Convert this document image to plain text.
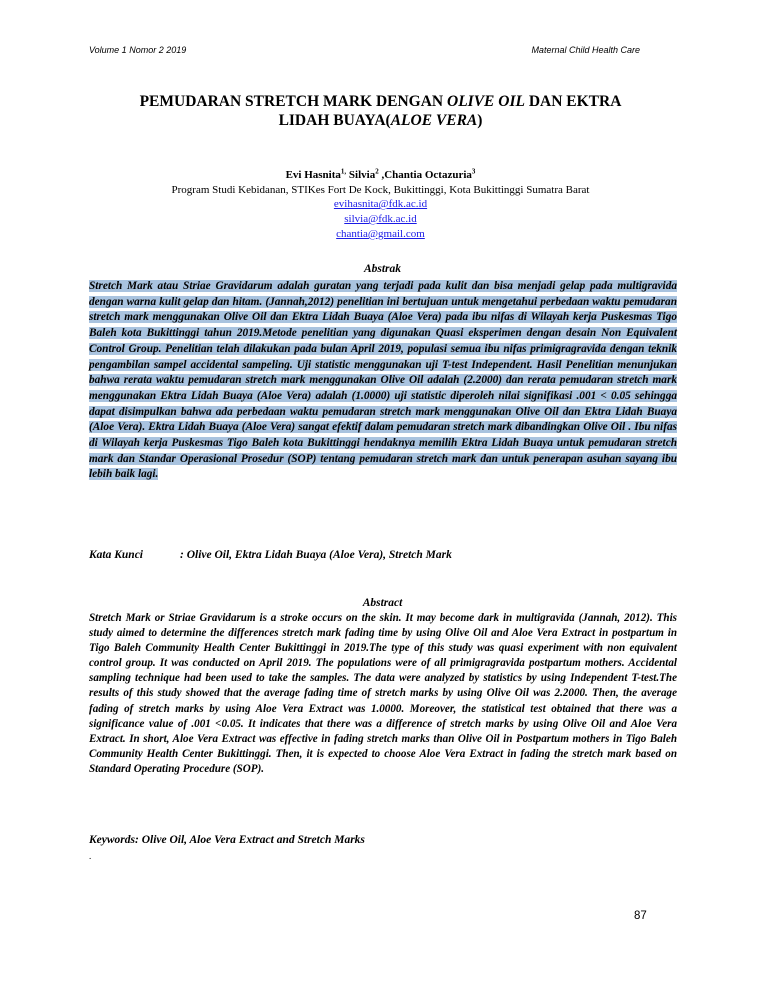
Volume 1 Nomor 2 2019	Maternal Child Health Care
PEMUDARAN STRETCH MARK DENGAN OLIVE OIL DAN EKTRA
LIDAH BUAYA(ALOE VERA)
Evi Hasnita$^{1,}$ Silvia$^2$ ,Chantia Octazuria$^3$
Program Studi Kebidanan, STIKes Fort De Kock, Bukittinggi, Kota Bukittinggi Sumatra Barat
evihasnita@fdk.ac.id
silvia@fdk.ac.id
chantia@gmail.com
Abstrak
Stretch Mark atau Striae Gravidarum adalah guratan yang terjadi pada kulit dan bisa menjadi gelap pada multigravida dengan warna kulit gelap dan hitam. (Jannah,2012) penelitian ini bertujuan untuk mengetahui perbedaan waktu pemudaran stretch mark menggunakan Olive Oil dan Ektra Lidah Buaya (Aloe Vera) pada ibu nifas di Wilayah kerja Puskesmas Tigo Baleh kota Bukittinggi tahun 2019.Metode penelitian yang digunakan Quasi eksperimen dengan desain Non Equivalent Control Group. Penelitian telah dilakukan pada bulan April 2019, populasi semua ibu nifas primigragravida dengan teknik pengambilan sampel accidental sampeling. Uji statistic menggunakan uji T-test Independent. Hasil Penelitian menunjukan bahwa rerata waktu pemudaran stretch mark menggunakan Olive Oil adalah (2.2000) dan rerata pemudaran stretch mark menggunakan Ektra Lidah Buaya (Aloe Vera) adalah (1.0000) uji statistic diperoleh nilai signifikasi .001 < 0.05 sehingga dapat disimpulkan bahwa ada perbedaan waktu pemudaran stretch mark menggunakan Olive Oil dan Ektra Lidah Buaya (Aloe Vera). Ektra Lidah Buaya (Aloe Vera) sangat efektif dalam pemudaran stretch mark dibandingkan Olive Oil . Ibu nifas di Wilayah kerja Puskesmas Tigo Baleh kota Bukittinggi hendaknya memilih Ektra Lidah Buaya untuk pemudaran stretch mark dan Standar Operasional Prosedur (SOP) tentang pemudaran stretch mark dan untuk penerapan asuhan sayang ibu lebih baik lagi.
Kata Kunci	: Olive Oil, Ektra Lidah Buaya (Aloe Vera), Stretch Mark
Abstract
Stretch Mark or Striae Gravidarum is a stroke occurs on the skin. It may become dark in multigravida (Jannah, 2012). This study aimed to determine the differences stretch mark fading time by using Olive Oil and Aloe Vera Extract in postpartum in Tigo Baleh Community Health Center Bukittinggi in 2019.The type of this study was quasi experiment with non equivalent control group. It was conducted on April 2019. The populations were of all primigragravida postpartum mothers. Accidental sampling technique had been used to take the samples. The data were analyzed by statistics by using Independent T-test.The results of this study showed that the average fading time of stretch marks by using Olive Oil was 2.2000. Then, the average fading of stretch marks by using Aloe Vera Extract was 1.0000. Moreover, the statistical test obtained that there was a significance value of .001 <0.05. It indicates that there was a difference of stretch marks by using Olive Oil and Aloe Vera Extract. In short, Aloe Vera Extract was effective in fading stretch marks than Olive Oil in Postpartum mothers in Tigo Baleh Community Health Center Bukittinggi. Then, it is expected to choose Aloe Vera Extract in fading the stretch mark based on Standard Operating Procedure (SOP).
Keywords: Olive Oil, Aloe Vera Extract and Stretch Marks
.
87
